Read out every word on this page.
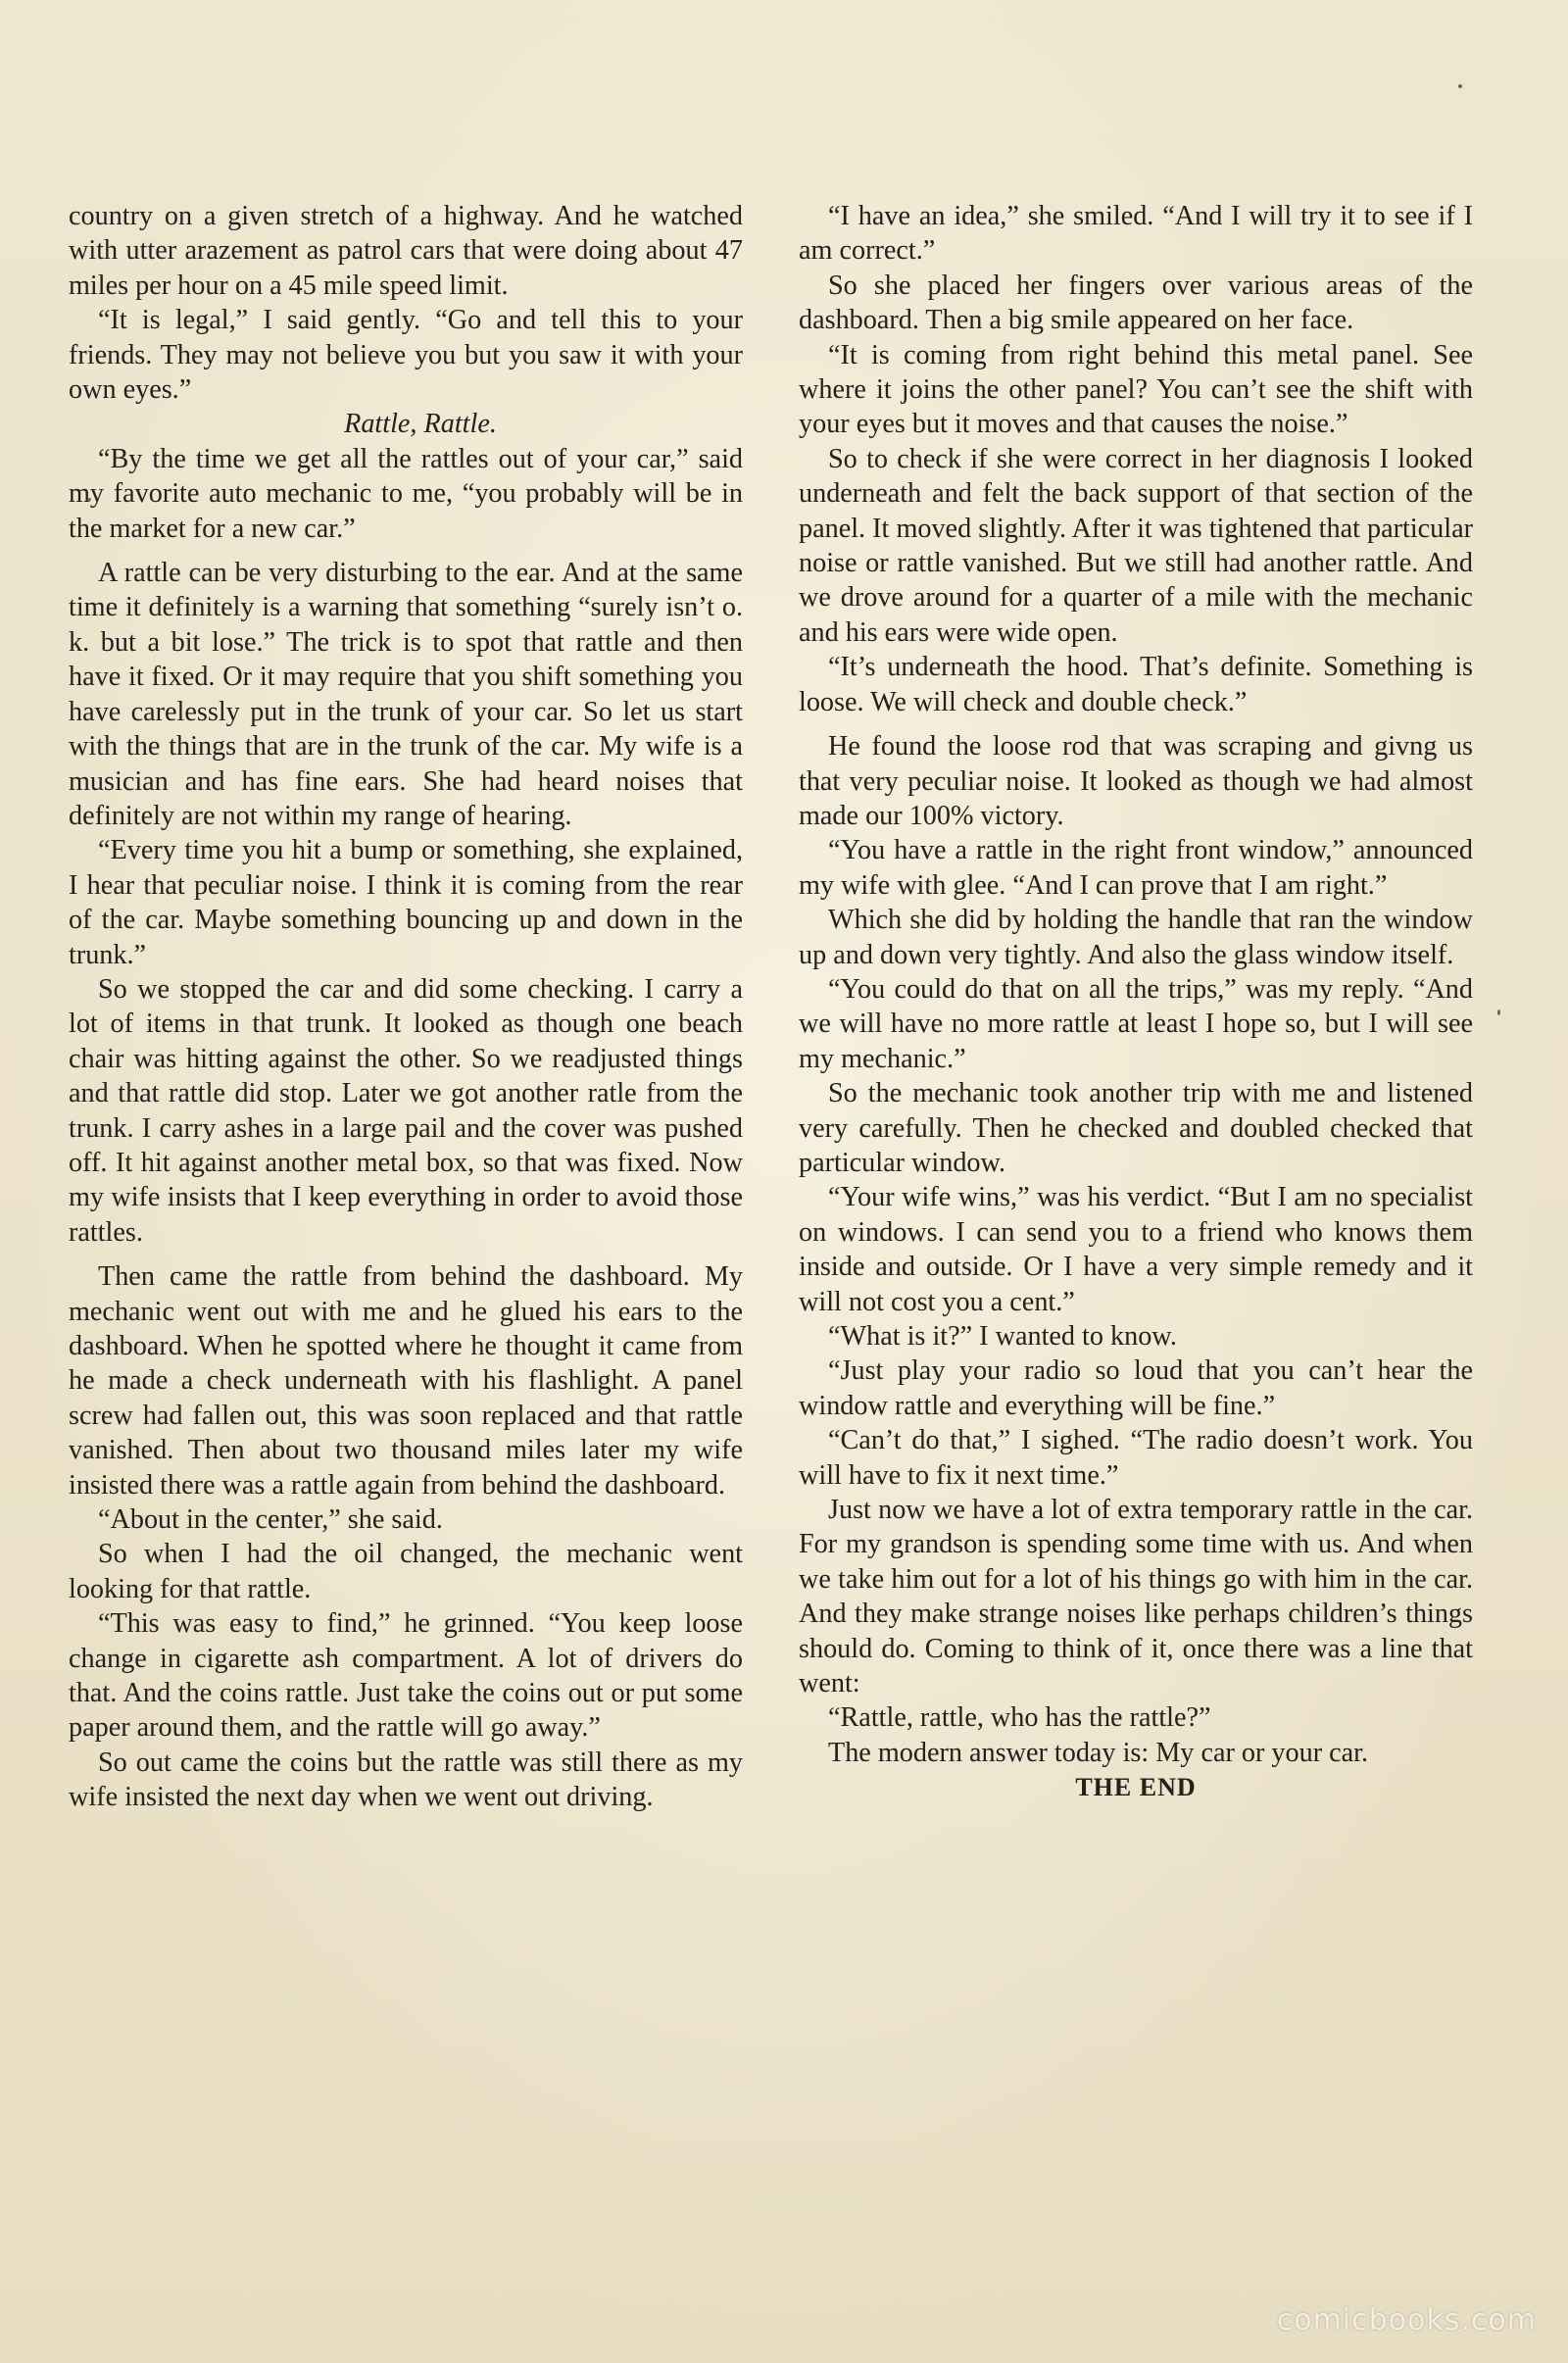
country on a given stretch of a highway. And he watched with utter arazement as patrol cars that were doing about 47 miles per hour on a 45 mile speed limit.

“It is legal,” I said gently. “Go and tell this to your friends. They may not believe you but you saw it with your own eyes.”

Rattle, Rattle.

“By the time we get all the rattles out of your car,” said my favorite auto mechanic to me, “you probably will be in the market for a new car.”

A rattle can be very disturbing to the ear. And at the same time it definitely is a warning that something “surely isn’t o. k. but a bit lose.” The trick is to spot that rattle and then have it fixed. Or it may require that you shift something you have carelessly put in the trunk of your car. So let us start with the things that are in the trunk of the car. My wife is a musician and has fine ears. She had heard noises that definitely are not within my range of hearing.

“Every time you hit a bump or something, she explained, I hear that peculiar noise. I think it is coming from the rear of the car. Maybe something bouncing up and down in the trunk.”

So we stopped the car and did some checking. I carry a lot of items in that trunk. It looked as though one beach chair was hitting against the other. So we readjusted things and that rattle did stop. Later we got another ratle from the trunk. I carry ashes in a large pail and the cover was pushed off. It hit against another metal box, so that was fixed. Now my wife insists that I keep everything in order to avoid those rattles.

Then came the rattle from behind the dashboard. My mechanic went out with me and he glued his ears to the dashboard. When he spotted where he thought it came from he made a check underneath with his flashlight. A panel screw had fallen out, this was soon replaced and that rattle vanished. Then about two thousand miles later my wife insisted there was a rattle again from behind the dashboard.

“About in the center,” she said.

So when I had the oil changed, the mechanic went looking for that rattle.

“This was easy to find,” he grinned. “You keep loose change in cigarette ash compartment. A lot of drivers do that. And the coins rattle. Just take the coins out or put some paper around them, and the rattle will go away.”

So out came the coins but the rattle was still there as my wife insisted the next day when we went out driving.

“I have an idea,” she smiled. “And I will try it to see if I am correct.”

So she placed her fingers over various areas of the dashboard. Then a big smile appeared on her face.

“It is coming from right behind this metal panel. See where it joins the other panel? You can’t see the shift with your eyes but it moves and that causes the noise.”

So to check if she were correct in her diagnosis I looked underneath and felt the back support of that section of the panel. It moved slightly. After it was tightened that particular noise or rattle vanished. But we still had another rattle. And we drove around for a quarter of a mile with the mechanic and his ears were wide open.

“It’s underneath the hood. That’s definite. Something is loose. We will check and double check.”

He found the loose rod that was scraping and givng us that very peculiar noise. It looked as though we had almost made our 100% victory.

“You have a rattle in the right front window,” announced my wife with glee. “And I can prove that I am right.”

Which she did by holding the handle that ran the window up and down very tightly. And also the glass window itself.

“You could do that on all the trips,” was my reply. “And we will have no more rattle at least I hope so, but I will see my mechanic.”

So the mechanic took another trip with me and listened very carefully. Then he checked and doubled checked that particular window.

“Your wife wins,” was his verdict. “But I am no specialist on windows. I can send you to a friend who knows them inside and outside. Or I have a very simple remedy and it will not cost you a cent.”

“What is it?” I wanted to know.

“Just play your radio so loud that you can’t hear the window rattle and everything will be fine.”

“Can’t do that,” I sighed. “The radio doesn’t work. You will have to fix it next time.”

Just now we have a lot of extra temporary rattle in the car. For my grandson is spending some time with us. And when we take him out for a lot of his things go with him in the car. And they make strange noises like perhaps children’s things should do. Coming to think of it, once there was a line that went:

“Rattle, rattle, who has the rattle?”

The modern answer today is: My car or your car.

THE END

comicbooks.com
